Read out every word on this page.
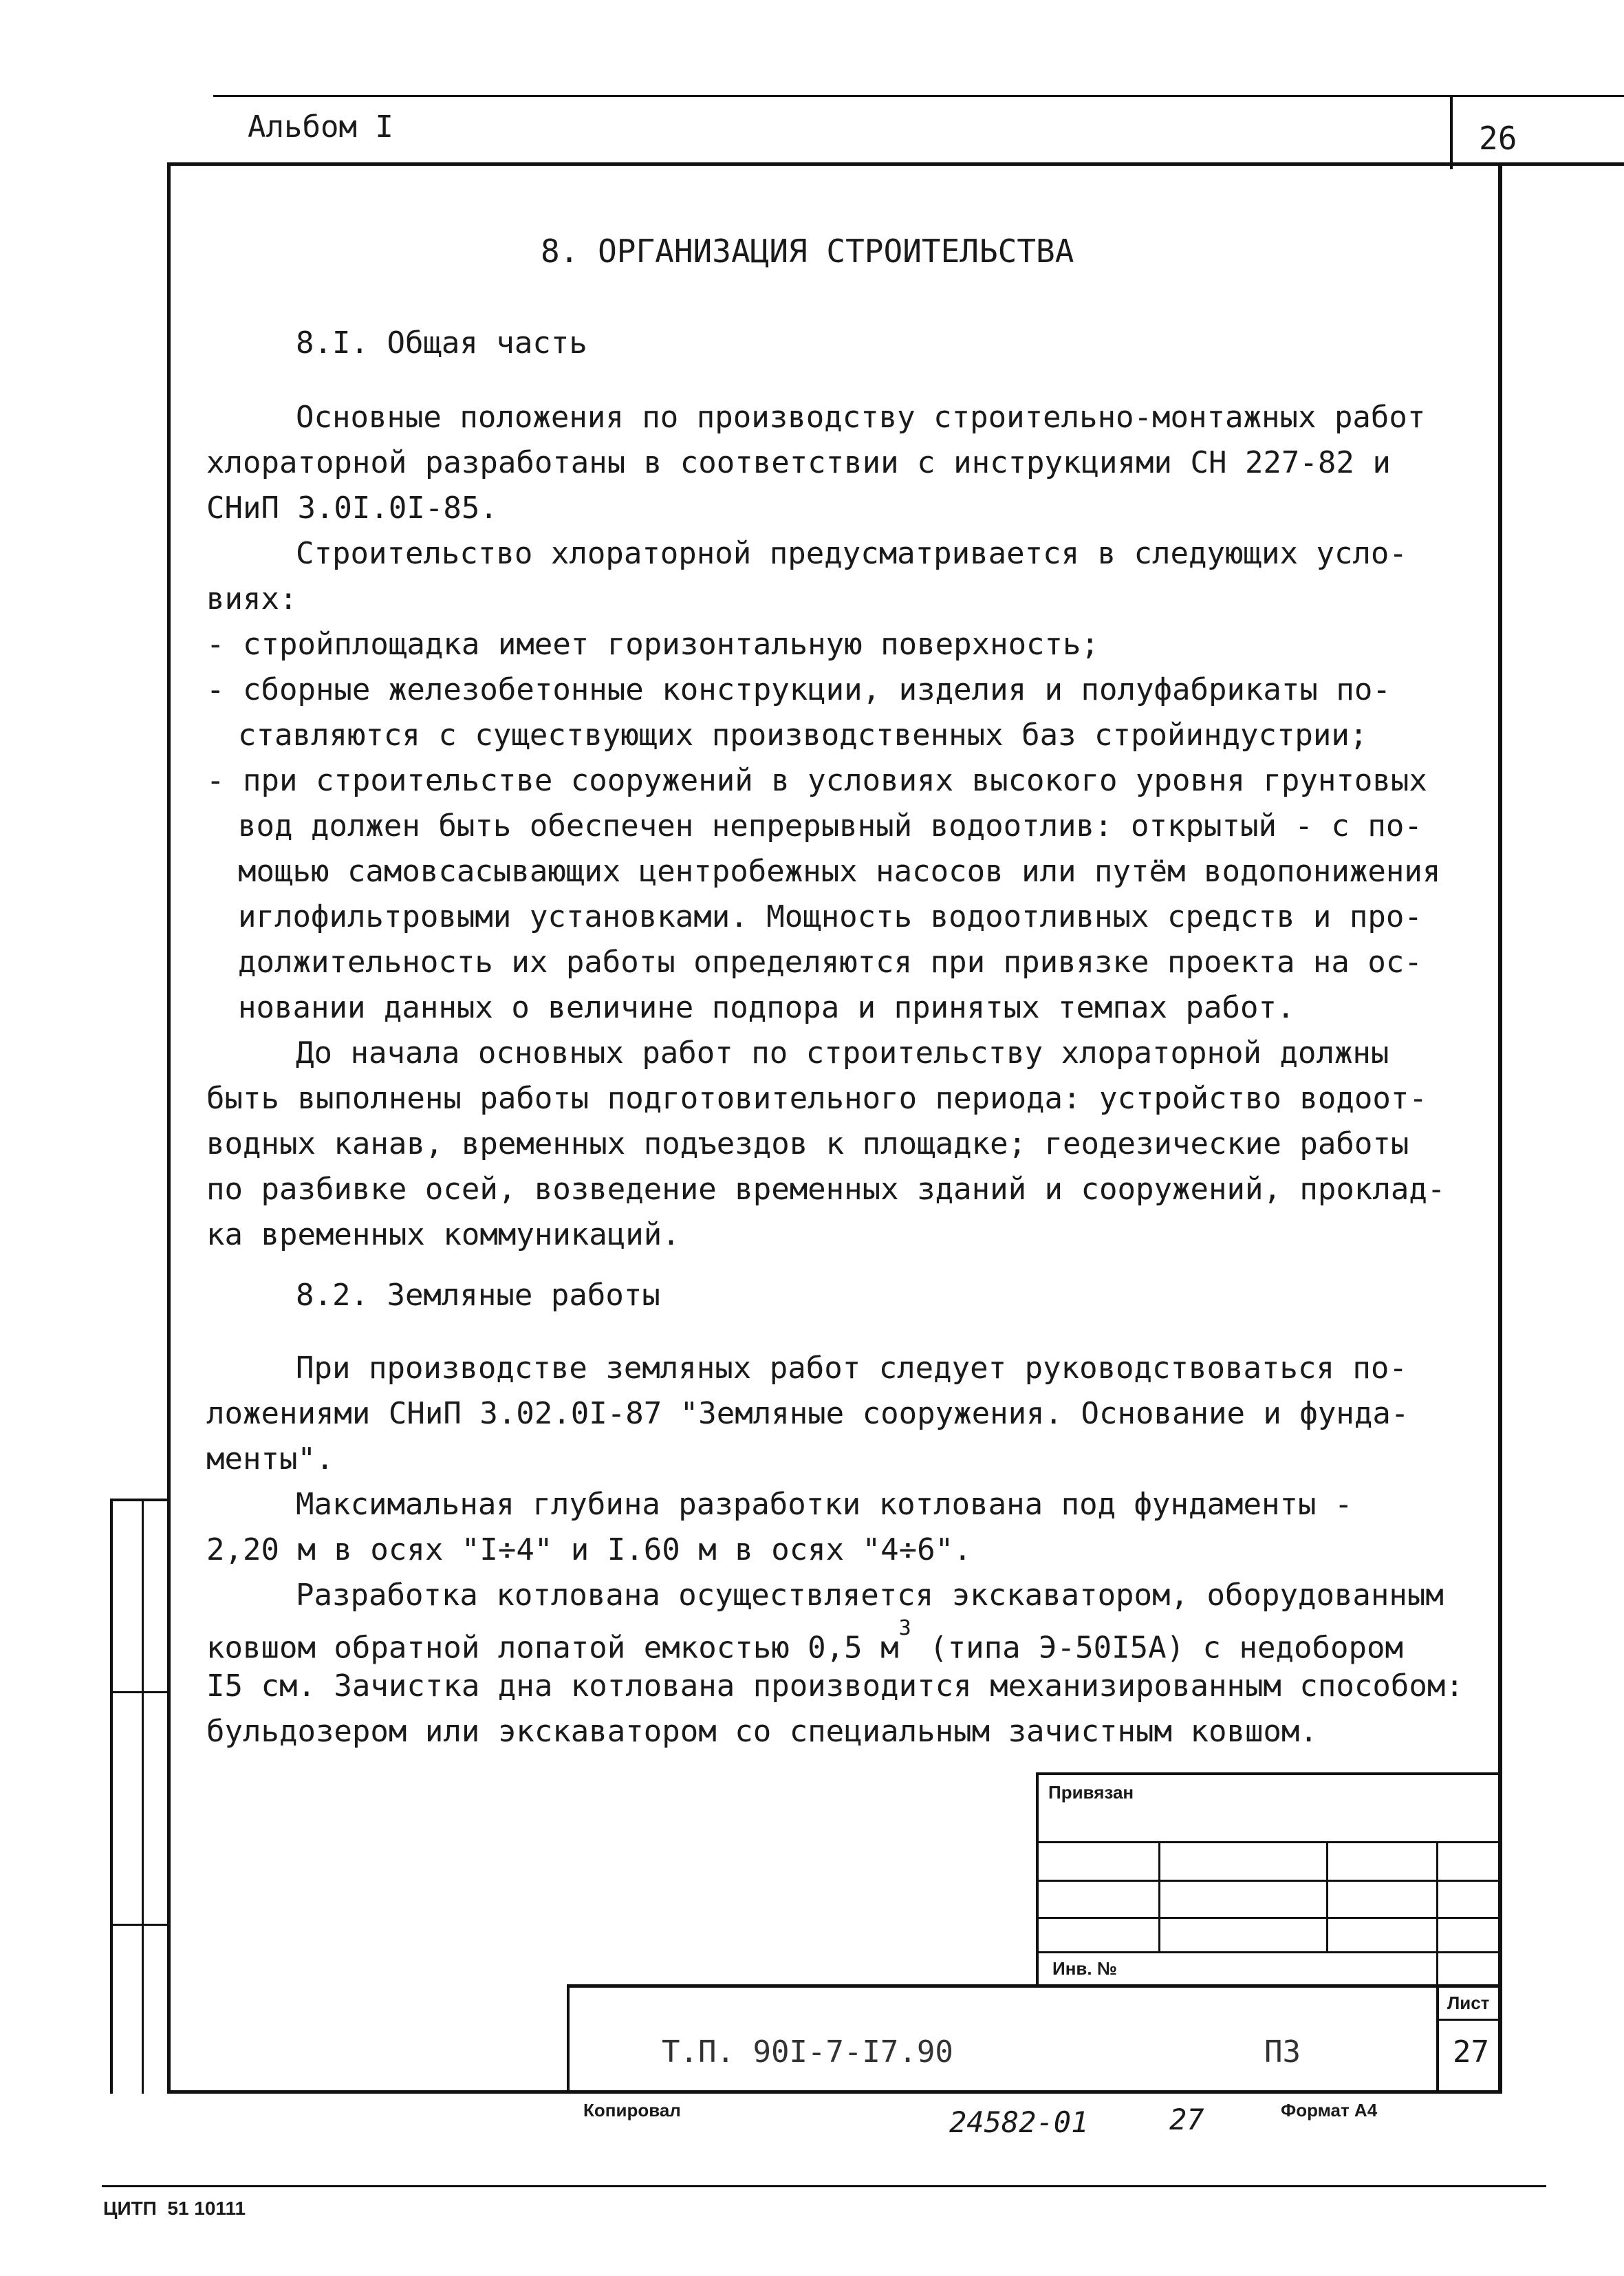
Альбом I	26
8. ОРГАНИЗАЦИЯ СТРОИТЕЛЬСТВА
8.I. Общая часть
Основные положения по производству строительно-монтажных работ
хлораторной разработаны в соответствии с инструкциями СН 227-82 и
СНиП 3.0I.0I-85.
Строительство хлораторной предусматривается в следующих усло-
виях:
- стройплощадка имеет горизонтальную поверхность;
- сборные железобетонные конструкции, изделия и полуфабрикаты по-
ставляются с существующих производственных баз стройиндустрии;
- при строительстве сооружений в условиях высокого уровня грунтовых
вод должен быть обеспечен непрерывный водоотлив: открытый - с по-
мощью самовсасывающих центробежных насосов или путём водопонижения
иглофильтровыми установками. Мощность водоотливных средств и про-
должительность их работы определяются при привязке проекта на ос-
новании данных о величине подпора и принятых темпах работ.
До начала основных работ по строительству хлораторной должны
быть выполнены работы подготовительного периода: устройство водоот-
водных канав, временных подъездов к площадке; геодезические работы
по разбивке осей, возведение временных зданий и сооружений, проклад-
ка временных коммуникаций.
8.2. Земляные работы
При производстве земляных работ следует руководствоваться по-
ложениями СНиП 3.02.0I-87 "Земляные сооружения. Основание и фунда-
менты".
Максимальная глубина разработки котлована под фундаменты -
2,20 м в осях "I÷4" и I.60 м в осях "4÷6".
Разработка котлована осуществляется экскаватором, оборудованным
ковшом обратной лопатой емкостью 0,5 $м^3$ (типа Э-50I5А) с недобором
I5 см. Зачистка дна котлована производится механизированным способом:
бульдозером или экскаватором со специальным зачистным ковшом.
Привязан
Инв. №
Лист
27
Т.П. 90I-7-I7.90	ПЗ
Копировал	24582-01	27	Формат А4
ЦИТП  51 10111
